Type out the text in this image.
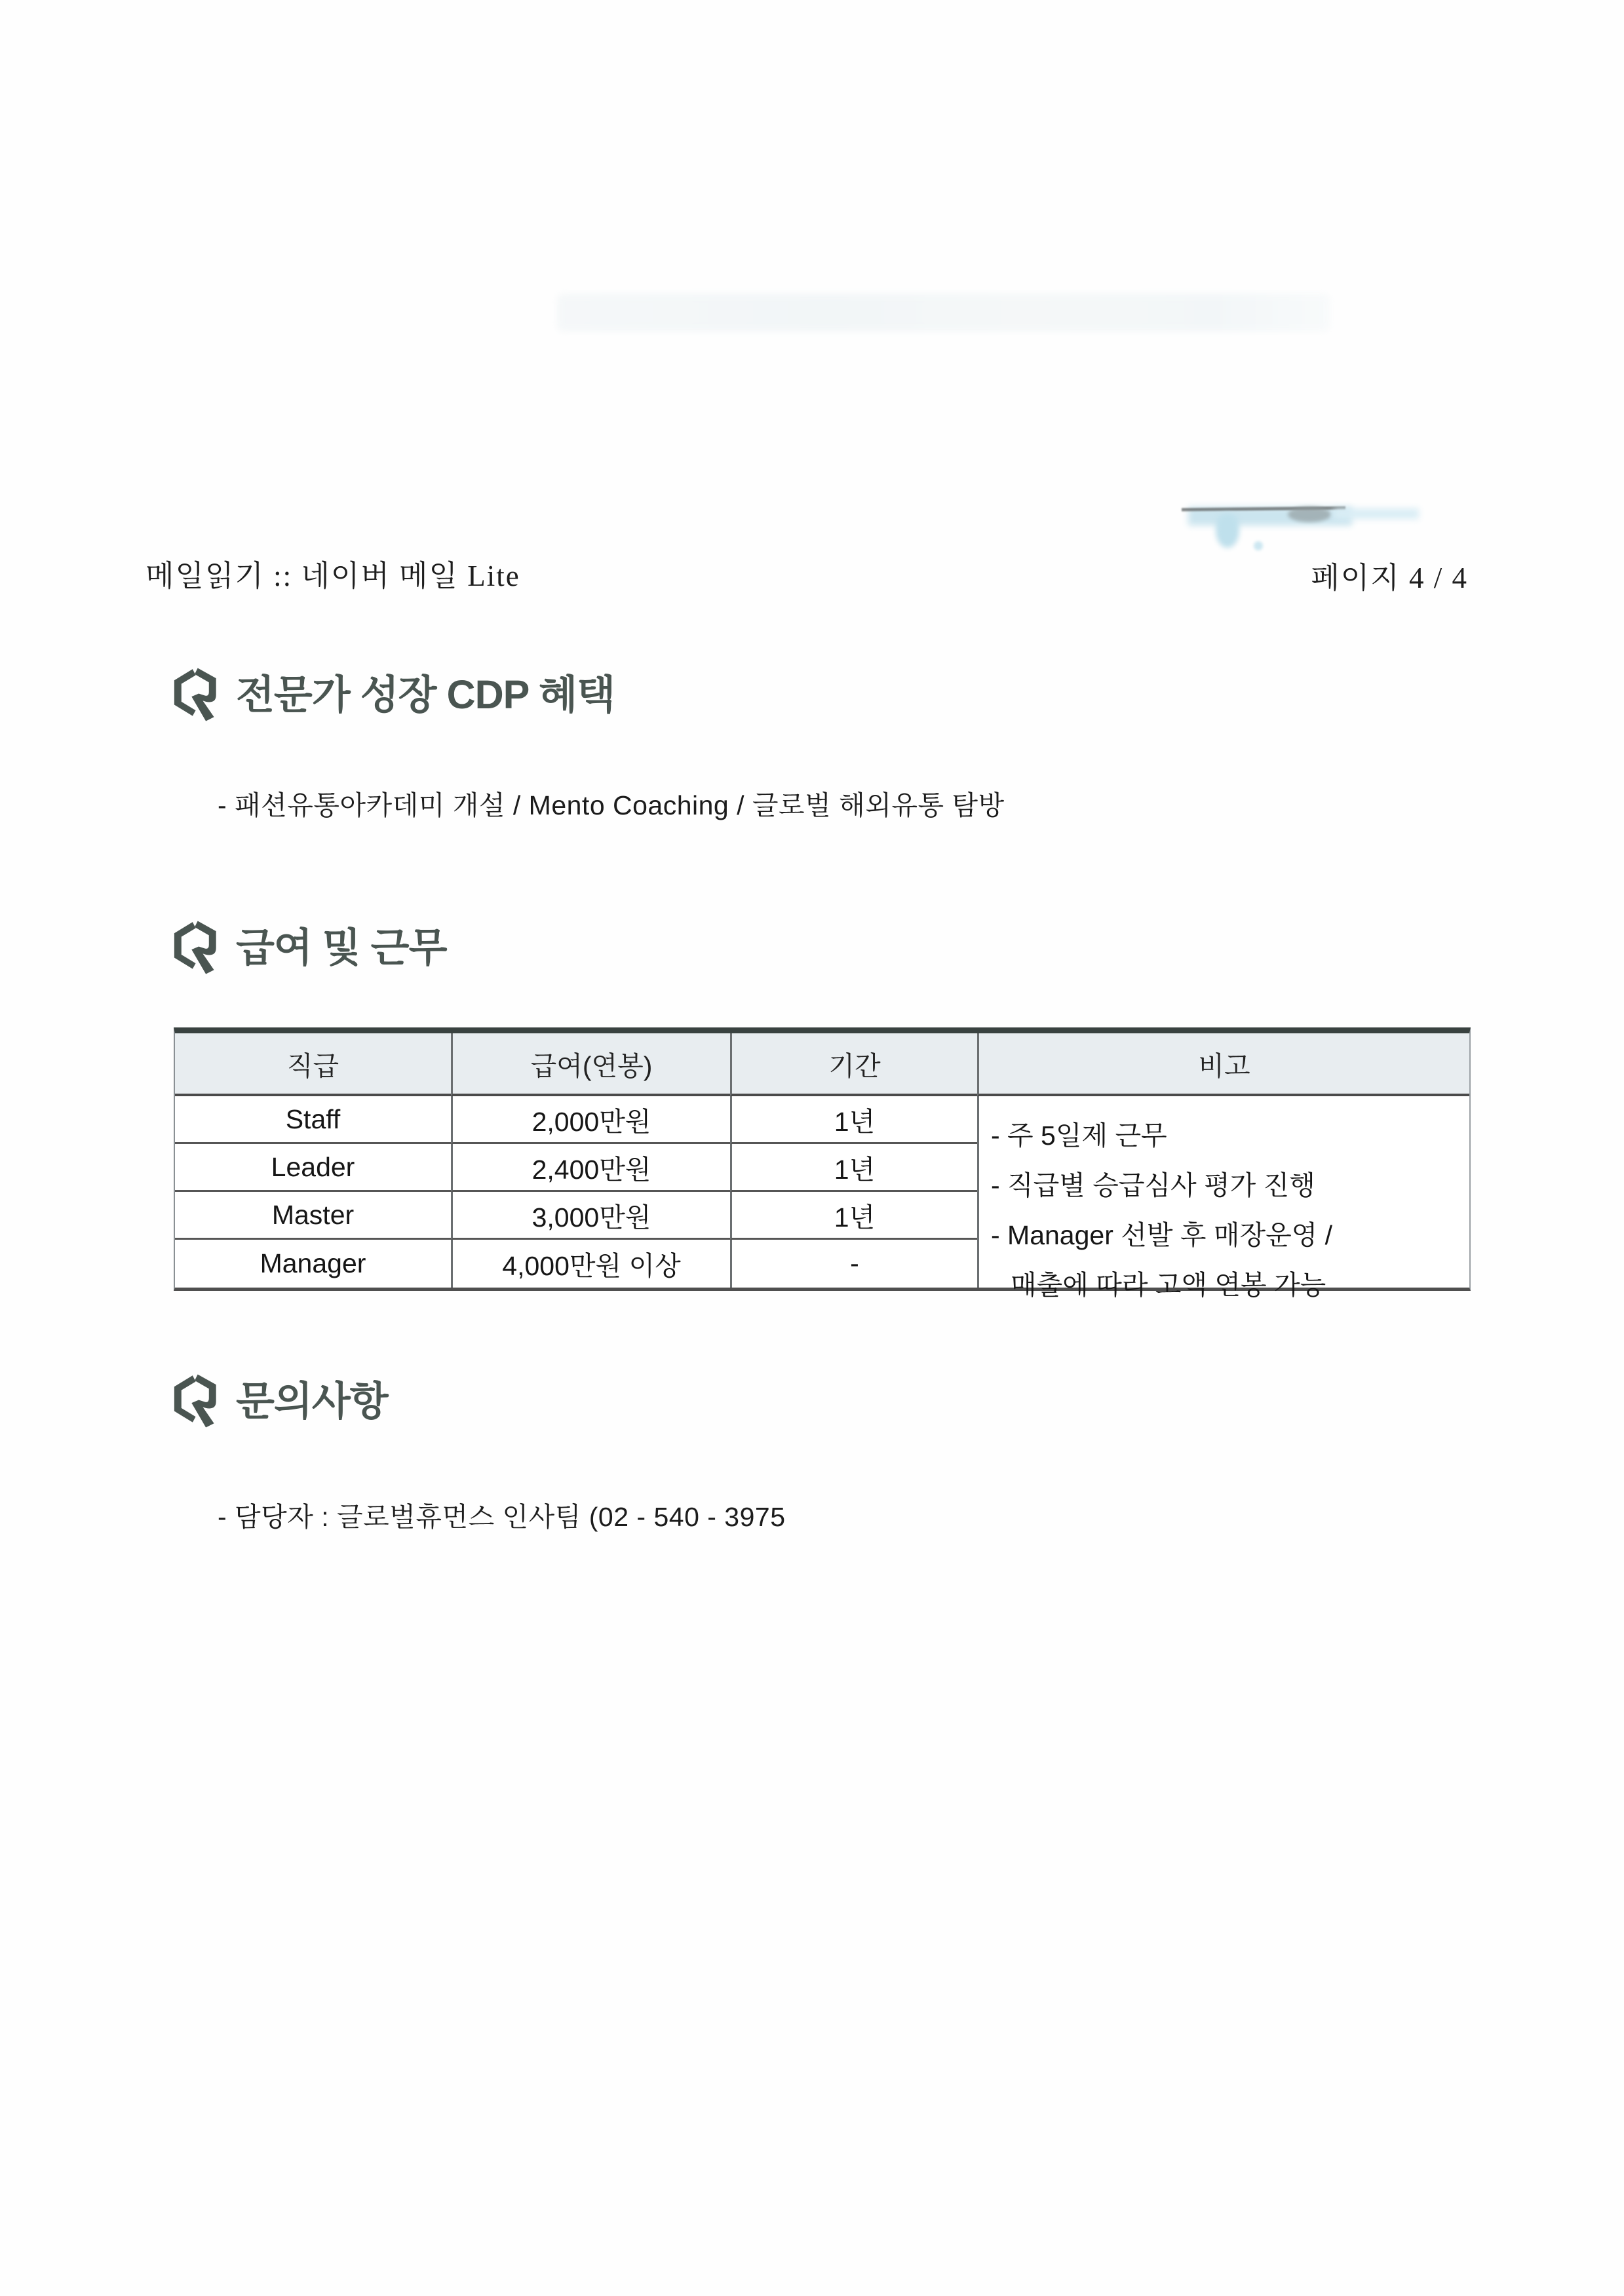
메일읽기 :: 네이버 메일 Lite	페이지 4 / 4
전문가 성장 CDP 혜택
- 패션유통아카데미 개설 / Mento Coaching / 글로벌 해외유통 탐방
급여 및 근무
직급	급여(연봉)	기간	비고
Staff	2,000만원	1년	- 주 5일제 근무
- 직급별 승급심사 평가 진행
- Manager 선발 후 매장운영 /
매출에 따라 고액 연봉 가능
Leader	2,400만원	1년
Master	3,000만원	1년
Manager	4,000만원 이상	-
문의사항
- 담당자 : 글로벌휴먼스 인사팀 (02 - 540 - 3975
